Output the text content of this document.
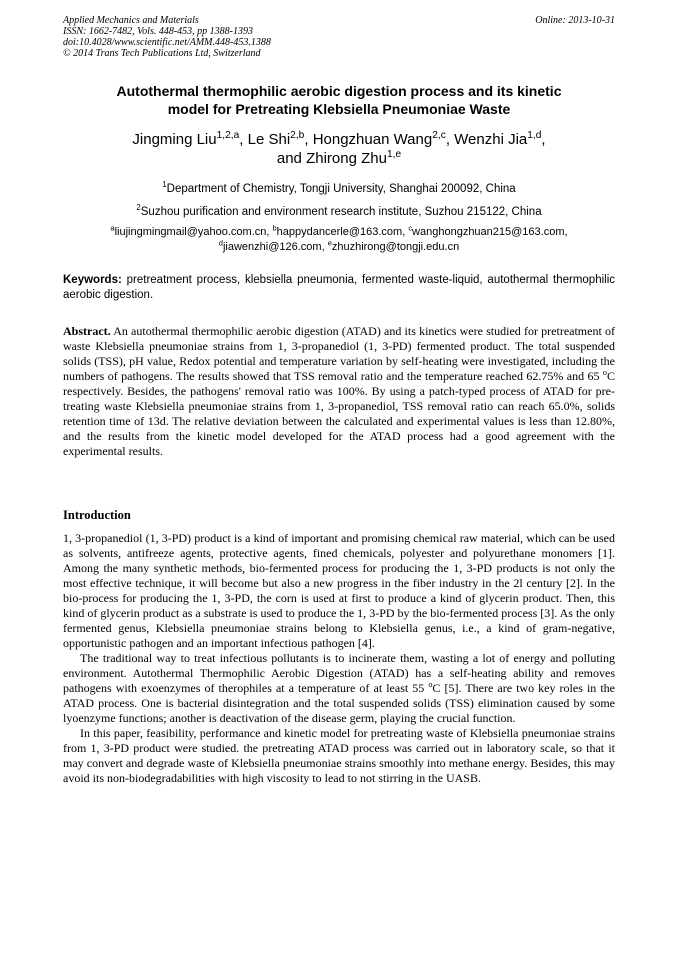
Applied Mechanics and Materials
ISSN: 1662-7482, Vols. 448-453, pp 1388-1393
doi:10.4028/www.scientific.net/AMM.448-453.1388
© 2014 Trans Tech Publications Ltd, Switzerland
Online: 2013-10-31
Autothermal thermophilic aerobic digestion process and its kinetic
model for Pretreating Klebsiella Pneumoniae Waste
Jingming Liu$^{1,2,a}$, Le Shi$^{2,b}$, Hongzhuan Wang$^{2,c}$, Wenzhi Jia$^{1,d}$,
and Zhirong Zhu$^{1,e}$
$^1$Department of Chemistry, Tongji University, Shanghai 200092, China
$^2$Suzhou purification and environment research institute, Suzhou 215122, China
$^a$liujingmingmail@yahoo.com.cn, $^b$happydancerle@163.com, $^c$wanghongzhuan215@163.com,
$^d$jiawenzhi@126.com, $^e$zhuzhirong@tongji.edu.cn
Keywords: pretreatment process, klebsiella pneumonia, fermented waste-liquid, autothermal thermophilic aerobic digestion.
Abstract. An autothermal thermophilic aerobic digestion (ATAD) and its kinetics were studied for pretreatment of waste Klebsiella pneumoniae strains from 1, 3-propanediol (1, 3-PD) fermented product. The total suspended solids (TSS), pH value, Redox potential and temperature variation by self-heating were investigated, including the numbers of pathogens. The results showed that TSS removal ratio and the temperature reached 62.75% and 65 $^o$C respectively. Besides, the pathogens' removal ratio was 100%. By using a patch-typed process of ATAD for pre-treating waste Klebsiella pneumoniae strains from 1, 3-propanediol, TSS removal ratio can reach 65.0%, solids retention time of 13d. The relative deviation between the calculated and experimental values is less than 12.80%, and the results from the kinetic model developed for the ATAD process had a good agreement with the experimental results.
Introduction

1, 3-propanediol (1, 3-PD) product is a kind of important and promising chemical raw material, which can be used as solvents, antifreeze agents, protective agents, fined chemicals, polyester and polyurethane monomers [1]. Among the many synthetic methods, bio-fermented process for producing the 1, 3-PD products is not only the most effective technique, it will become but also a new progress in the fiber industry in the 2l century [2]. In the bio-process for producing the 1, 3-PD, the corn is used at first to produce a kind of glycerin product. Then, this kind of glycerin product as a substrate is used to produce the 1, 3-PD by the bio-fermented process [3]. As the only fermented genus, Klebsiella pneumoniae strains belong to Klebsiella genus, i.e., a kind of gram-negative, opportunistic pathogen and an important infectious pathogen [4].

The traditional way to treat infectious pollutants is to incinerate them, wasting a lot of energy and polluting environment. Autothermal Thermophilic Aerobic Digestion (ATAD) has a self-heating ability and removes pathogens with exoenzymes of therophiles at a temperature of at least 55 $^o$C [5]. There are two key roles in the ATAD process. One is bacterial disintegration and the total suspended solids (TSS) elimination caused by some lyoenzyme functions; another is deactivation of the disease germ, playing the crucial function.

In this paper, feasibility, performance and kinetic model for pretreating waste of Klebsiella pneumoniae strains from 1, 3-PD product were studied. the pretreating ATAD process was carried out in laboratory scale, so that it may convert and degrade waste of Klebsiella pneumoniae strains smoothly into methane energy. Besides, this may avoid its non-biodegradabilities with high viscosity to lead to not stirring in the UASB.
